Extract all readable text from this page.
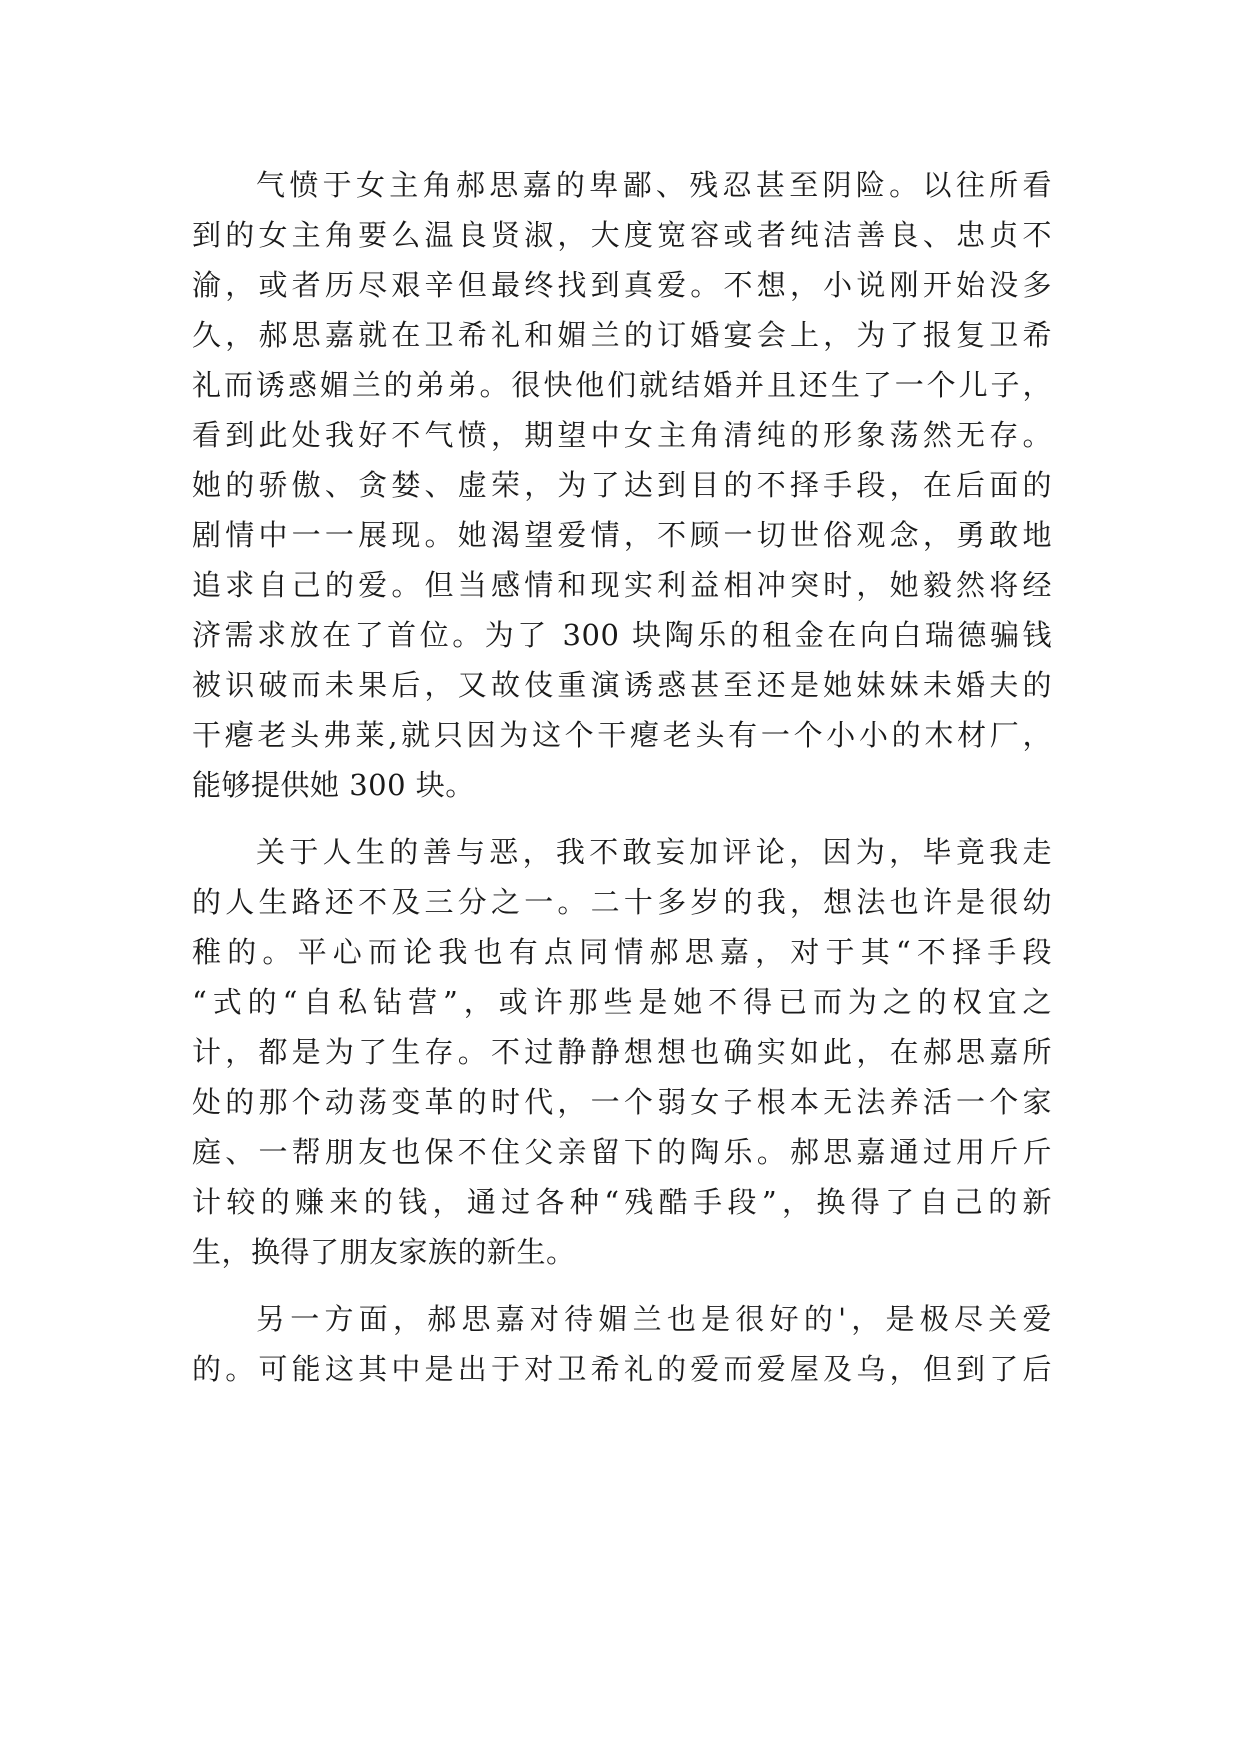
气愤于女主角郝思嘉的卑鄙、残忍甚至阴险。以往所看
到的女主角要么温良贤淑，大度宽容或者纯洁善良、忠贞不
渝，或者历尽艰辛但最终找到真爱。不想，小说刚开始没多
久，郝思嘉就在卫希礼和媚兰的订婚宴会上，为了报复卫希
礼而诱惑媚兰的弟弟。很快他们就结婚并且还生了一个儿子，
看到此处我好不气愤，期望中女主角清纯的形象荡然无存。
她的骄傲、贪婪、虚荣，为了达到目的不择手段，在后面的
剧情中一一展现。她渴望爱情，不顾一切世俗观念，勇敢地
追求自己的爱。但当感情和现实利益相冲突时，她毅然将经
济需求放在了首位。为了 300 块陶乐的租金在向白瑞德骗钱
被识破而未果后，又故伎重演诱惑甚至还是她妹妹未婚夫的
干瘪老头弗莱,就只因为这个干瘪老头有一个小小的木材厂，
能够提供她 300 块。
关于人生的善与恶，我不敢妄加评论，因为，毕竟我走
的人生路还不及三分之一。二十多岁的我，想法也许是很幼
稚的。平心而论我也有点同情郝思嘉，对于其“不择手段
“式的“自私钻营”，或许那些是她不得已而为之的权宜之
计，都是为了生存。不过静静想想也确实如此，在郝思嘉所
处的那个动荡变革的时代，一个弱女子根本无法养活一个家
庭、一帮朋友也保不住父亲留下的陶乐。郝思嘉通过用斤斤
计较的赚来的钱，通过各种“残酷手段”，换得了自己的新
生，换得了朋友家族的新生。
另一方面，郝思嘉对待媚兰也是很好的'，是极尽关爱
的。可能这其中是出于对卫希礼的爱而爱屋及乌，但到了后
